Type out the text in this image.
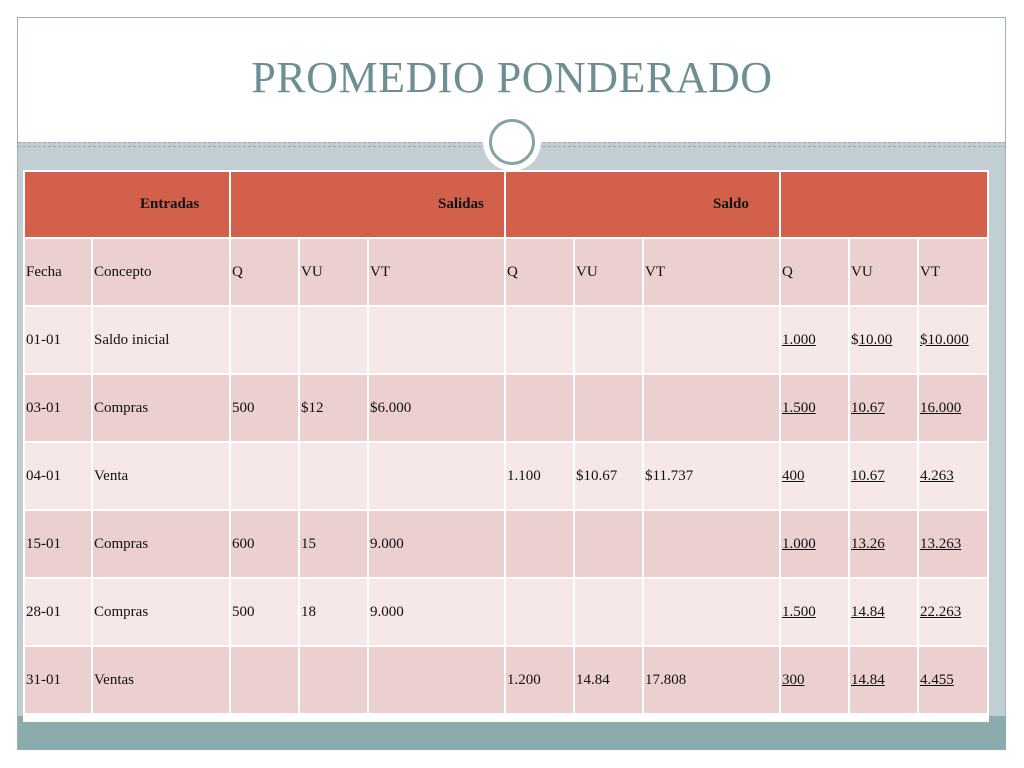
PROMEDIO PONDERADO
		Entradas			Salidas			Saldo		
Fecha	Concepto	Q	VU	VT	Q	VU	VT	Q	VU	VT
01-01	Saldo inicial							1.000	$10.00	$10.000
03-01	Compras	500	$12	$6.000				1.500	10.67	16.000
04-01	Venta				1.100	$10.67	$11.737	400	10.67	4.263
15-01	Compras	600	15	9.000				1.000	13.26	13.263
28-01	Compras	500	18	9.000				1.500	14.84	22.263
31-01	Ventas				1.200	14.84	17.808	300	14.84	4.455
